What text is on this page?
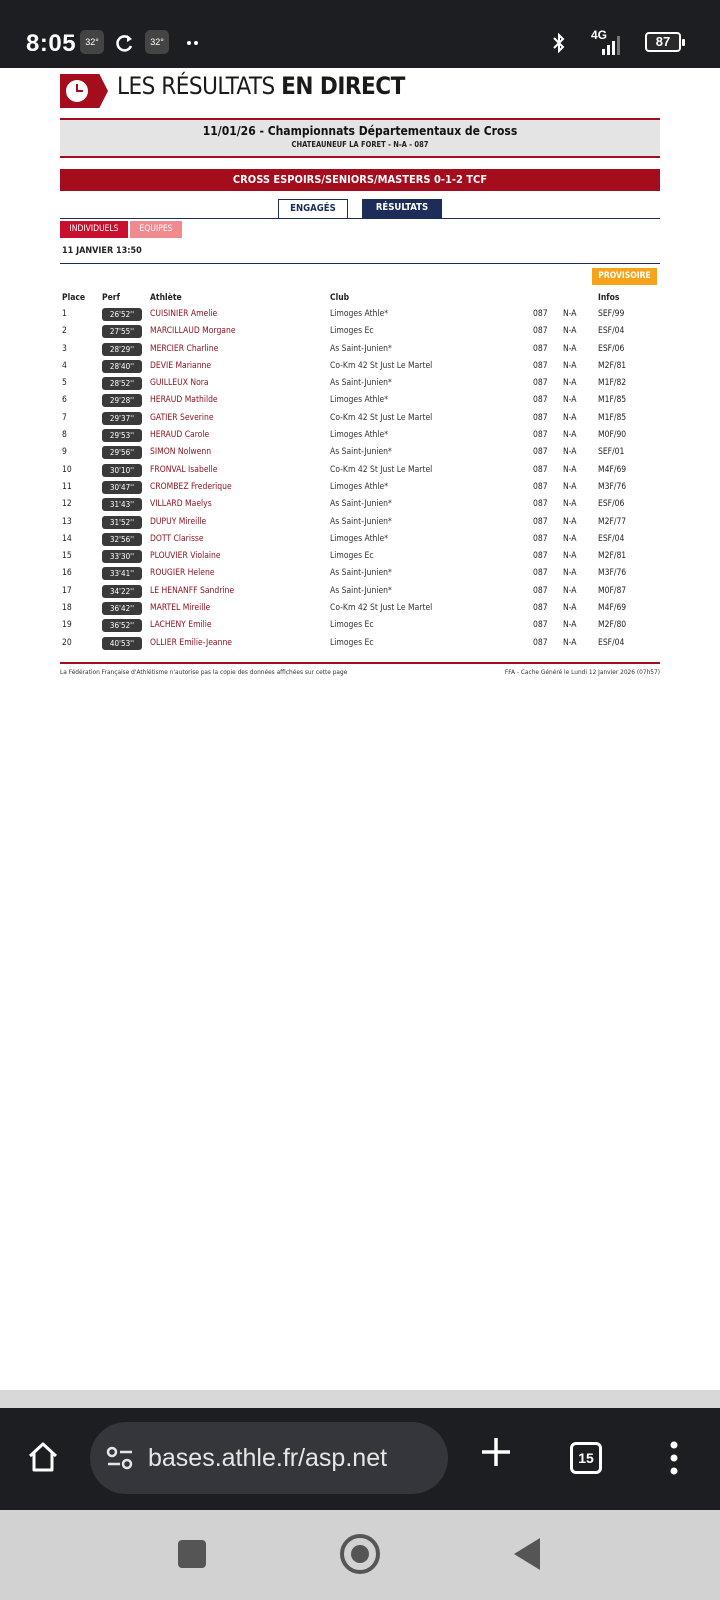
8:05	32°	32°	4G	87
LES RÉSULTATS EN DIRECT
11/01/26 - Championnats Départementaux de Cross
CHATEAUNEUF LA FORET - N-A - 087
CROSS ESPOIRS/SENIORS/MASTERS 0-1-2 TCF
ENGAGÉS	RÉSULTATS
INDIVIDUELS	EQUIPES
11 JANVIER 13:50
PROVISOIRE
Place Perf	Athlète	Club	Infos
1	26'52''	CUISINIER Amelie	Limoges Athle*	087 N-A	SEF/99
2	27'55''	MARCILLAUD Morgane	Limoges Ec	087 N-A	ESF/04
3	28'29''	MERCIER Charline	As Saint-Junien*	087 N-A	ESF/06
4	28'40''	DEVIE Marianne	Co-Km 42 St Just Le Martel	087 N-A	M2F/81
5	28'52''	GUILLEUX Nora	As Saint-Junien*	087 N-A	M1F/82
6	29'28''	HERAUD Mathilde	Limoges Athle*	087 N-A	M1F/85
7	29'37''	GATIER Severine	Co-Km 42 St Just Le Martel	087 N-A	M1F/85
8	29'53''	HERAUD Carole	Limoges Athle*	087 N-A	M0F/90
9	29'56''	SIMON Nolwenn	As Saint-Junien*	087 N-A	SEF/01
10	30'10''	FRONVAL Isabelle	Co-Km 42 St Just Le Martel	087 N-A	M4F/69
11	30'47''	CROMBEZ Frederique	Limoges Athle*	087 N-A	M3F/76
12	31'43''	VILLARD Maelys	As Saint-Junien*	087 N-A	ESF/06
13	31'52''	DUPUY Mireille	As Saint-Junien*	087 N-A	M2F/77
14	32'56''	DOTT Clarisse	Limoges Athle*	087 N-A	ESF/04
15	33'30''	PLOUVIER Violaine	Limoges Ec	087 N-A	M2F/81
16	33'41''	ROUGIER Helene	As Saint-Junien*	087 N-A	M3F/76
17	34'22''	LE HENANFF Sandrine	As Saint-Junien*	087 N-A	M0F/87
18	36'42''	MARTEL Mireille	Co-Km 42 St Just Le Martel	087 N-A	M4F/69
19	36'52''	LACHENY Emilie	Limoges Ec	087 N-A	M2F/80
20	40'53''	OLLIER Emilie-Jeanne	Limoges Ec	087 N-A	ESF/04
La Fédération Française d'Athlétisme n'autorise pas la copie des données affichées sur cette page	FFA - Cache Généré le Lundi 12 Janvier 2026 (07h57)
bases.athle.fr/asp.net	15
